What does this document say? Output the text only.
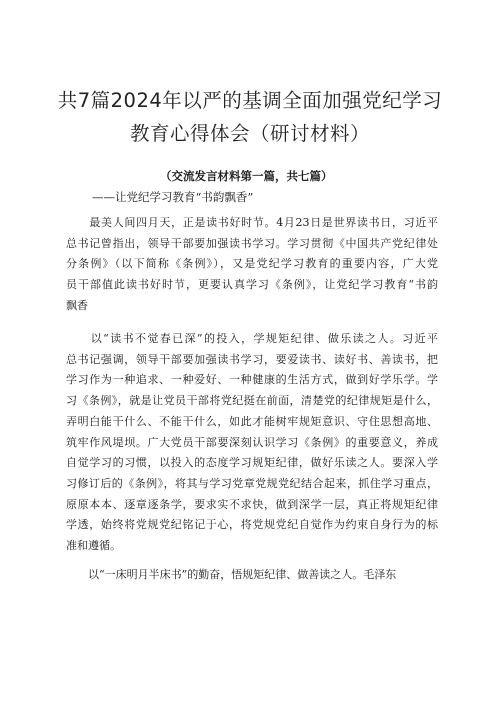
共7篇2024年以严的基调全面加强党纪学习
教育心得体会（研讨材料）
（交流发言材料第一篇，共七篇）
——让党纪学习教育“书韵飘香”
　　最美人间四月天，正是读书好时节。4月23日是世界读书日，习近平
总书记曾指出，领导干部要加强读书学习。学习贯彻《中国共产党纪律处
分条例》（以下简称《条例》），又是党纪学习教育的重要内容，广大党
员干部值此读书好时节，更要认真学习《条例》，让党纪学习教育“书韵
飘香
　　以“读书不觉春已深”的投入，学规矩纪律、做乐读之人。习近平
总书记强调，领导干部要加强读书学习，要爱读书、读好书、善读书，把
学习作为一种追求、一种爱好、一种健康的生活方式，做到好学乐学。学
习《条例》，就是让党员干部将党纪挺在前面，清楚党的纪律规矩是什么，
弄明白能干什么、不能干什么，如此才能树牢规矩意识、守住思想高地、
筑牢作风堤坝。广大党员干部要深刻认识学习《条例》的重要意义，养成
自觉学习的习惯，以投入的态度学习规矩纪律，做好乐读之人。要深入学
习修订后的《条例》，将其与学习党章党规党纪结合起来，抓住学习重点，
原原本本、逐章逐条学，要求实不求快，做到深学一层，真正将规矩纪律
学透，始终将党规党纪铭记于心，将党规党纪自觉作为约束自身行为的标
准和遵循。
　　以“一床明月半床书”的勤奋，悟规矩纪律、做善读之人。毛泽东
